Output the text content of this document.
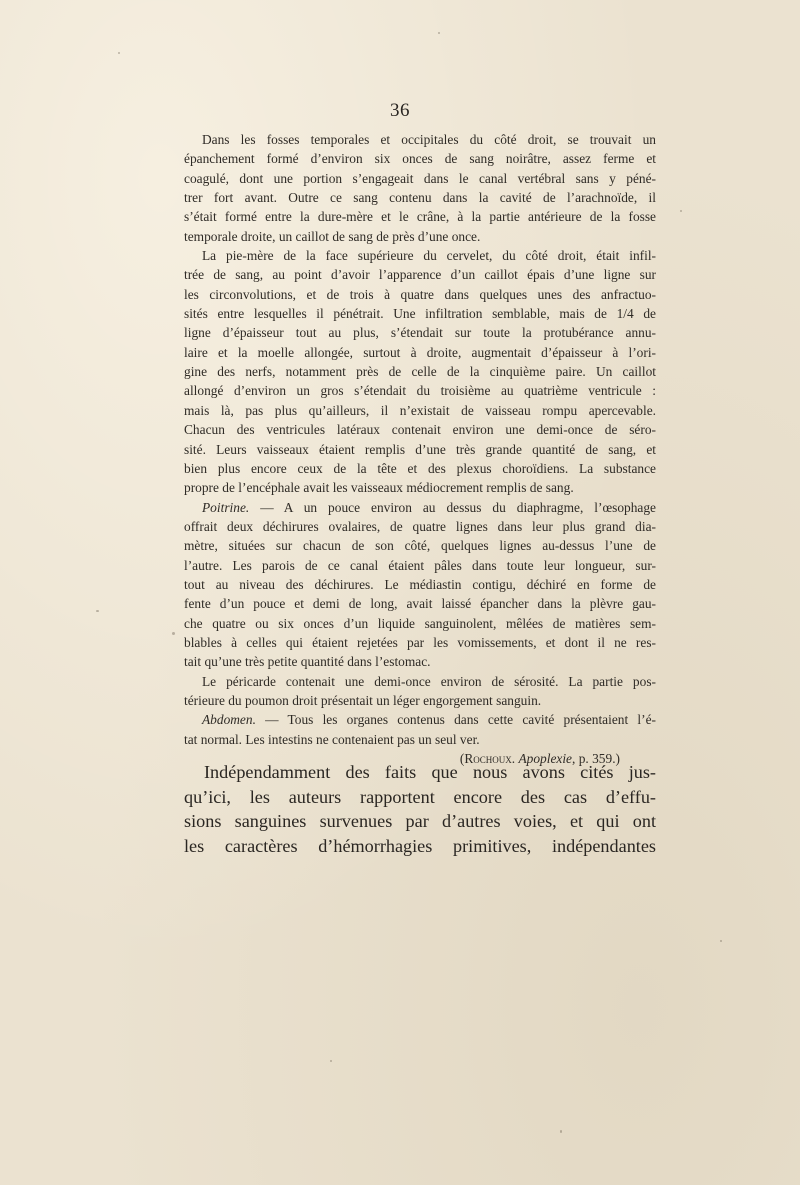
36
Dans les fosses temporales et occipitales du côté droit, se trouvait un
épanchement formé d’environ six onces de sang noirâtre, assez ferme et
coagulé, dont une portion s’engageait dans le canal vertébral sans y péné-
trer fort avant. Outre ce sang contenu dans la cavité de l’arachnoïde, il
s’était formé entre la dure-mère et le crâne, à la partie antérieure de la fosse
temporale droite, un caillot de sang de près d’une once.
La pie-mère de la face supérieure du cervelet, du côté droit, était infil-
trée de sang, au point d’avoir l’apparence d’un caillot épais d’une ligne sur
les circonvolutions, et de trois à quatre dans quelques unes des anfractuo-
sités entre lesquelles il pénétrait. Une infiltration semblable, mais de 1/4 de
ligne d’épaisseur tout au plus, s’étendait sur toute la protubérance annu-
laire et la moelle allongée, surtout à droite, augmentait d’épaisseur à l’ori-
gine des nerfs, notamment près de celle de la cinquième paire. Un caillot
allongé d’environ un gros s’étendait du troisième au quatrième ventricule :
mais là, pas plus qu’ailleurs, il n’existait de vaisseau rompu apercevable.
Chacun des ventricules latéraux contenait environ une demi-once de séro-
sité. Leurs vaisseaux étaient remplis d’une très grande quantité de sang, et
bien plus encore ceux de la tête et des plexus choroïdiens. La substance
propre de l’encéphale avait les vaisseaux médiocrement remplis de sang.
Poitrine. — A un pouce environ au dessus du diaphragme, l’œsophage
offrait deux déchirures ovalaires, de quatre lignes dans leur plus grand dia-
mètre, situées sur chacun de son côté, quelques lignes au-dessus l’une de
l’autre. Les parois de ce canal étaient pâles dans toute leur longueur, sur-
tout au niveau des déchirures. Le médiastin contigu, déchiré en forme de
fente d’un pouce et demi de long, avait laissé épancher dans la plèvre gau-
che quatre ou six onces d’un liquide sanguinolent, mêlées de matières sem-
blables à celles qui étaient rejetées par les vomissements, et dont il ne res-
tait qu’une très petite quantité dans l’estomac.
Le péricarde contenait une demi-once environ de sérosité. La partie pos-
térieure du poumon droit présentait un léger engorgement sanguin.
Abdomen. — Tous les organes contenus dans cette cavité présentaient l’é-
tat normal. Les intestins ne contenaient pas un seul ver.
(Rochoux. Apoplexie, p. 359.)
Indépendamment des faits que nous avons cités jus-
qu’ici, les auteurs rapportent encore des cas d’effu-
sions sanguines survenues par d’autres voies, et qui ont
les caractères d’hémorrhagies primitives, indépendantes
